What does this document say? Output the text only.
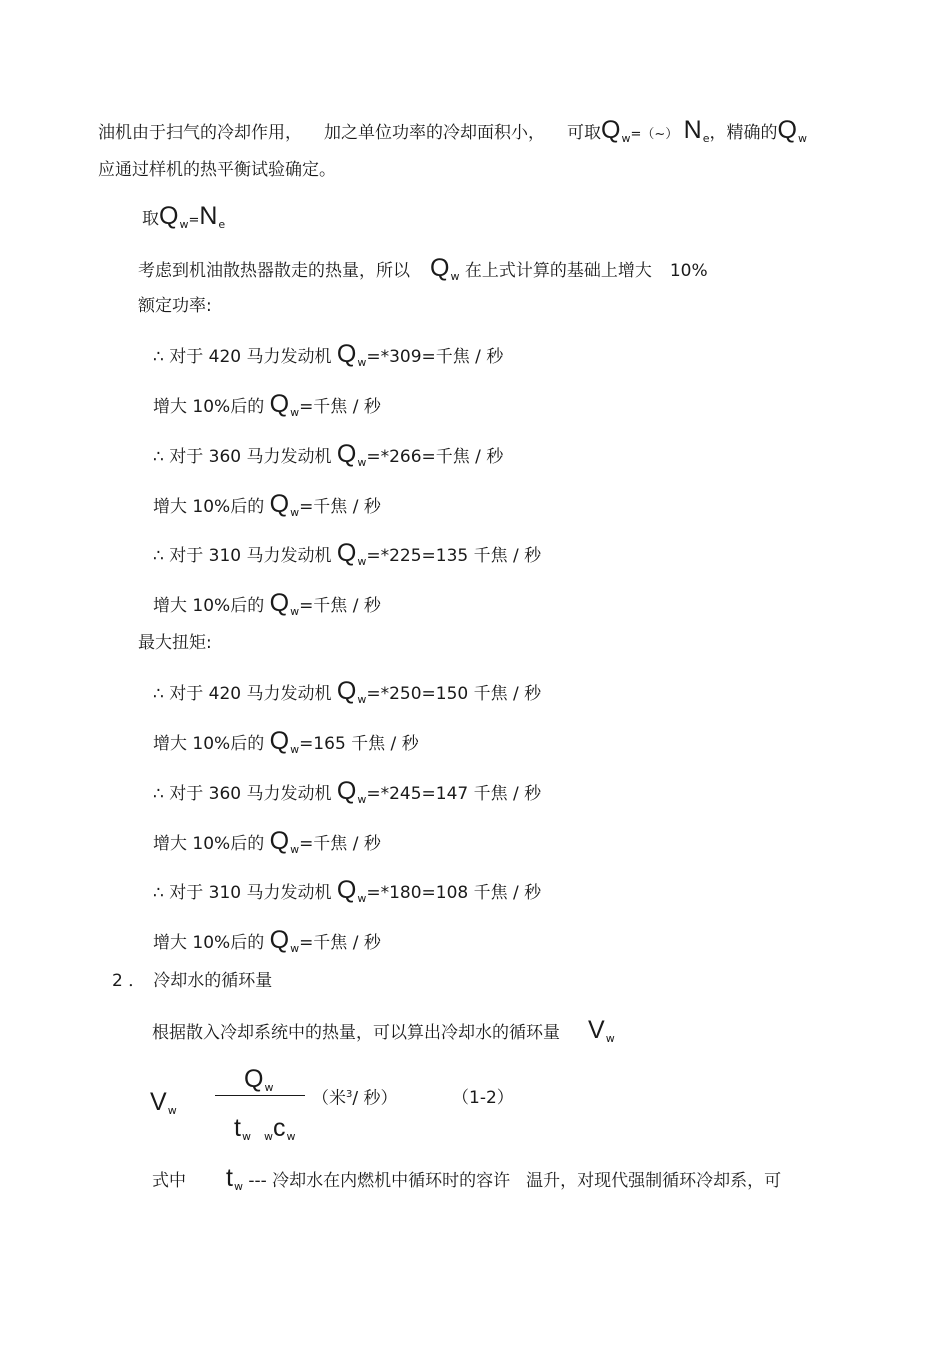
油机由于扫气的冷却作用， 加之单位功率的冷却面积小， 可取$Q_w=(\sim)$ $N_e$，精确的$Q_w$
应通过样机的热平衡试验确定。
取$Q_w=N_e$
考虑到机油散热器散走的热量，所以 $Q_w$ 在上式计算的基础上增大 10%
额定功率:
∴ 对于 420 马力发动机 $Q_w=*309=$千焦 / 秒
增大 10%后的 $Q_w=$千焦 / 秒
∴ 对于 360 马力发动机 $Q_w=*266=$千焦 / 秒
增大 10%后的 $Q_w=$千焦 / 秒
∴ 对于 310 马力发动机 $Q_w=*225=135$ 千焦 / 秒
增大 10%后的 $Q_w=$千焦 / 秒
最大扭矩:
∴ 对于 420 马力发动机 $Q_w=*250=150$ 千焦 / 秒
增大 10%后的 $Q_w=165$ 千焦 / 秒
∴ 对于 360 马力发动机 $Q_w=*245=147$ 千焦 / 秒
增大 10%后的 $Q_w=$千焦 / 秒
∴ 对于 310 马力发动机 $Q_w=*180=108$ 千焦 / 秒
增大 10%后的 $Q_w=$千焦 / 秒
2 ． 冷却水的循环量
根据散入冷却系统中的热量，可以算出冷却水的循环量 $V_w$
$V_w$
$Q_w$
$t_w$ $_wc_w$
（米$^3$/ 秒）	（1-2）
式中 $t_w$ --- 冷却水在内燃机中循环时的容许 温升，对现代强制循环冷却系，可
